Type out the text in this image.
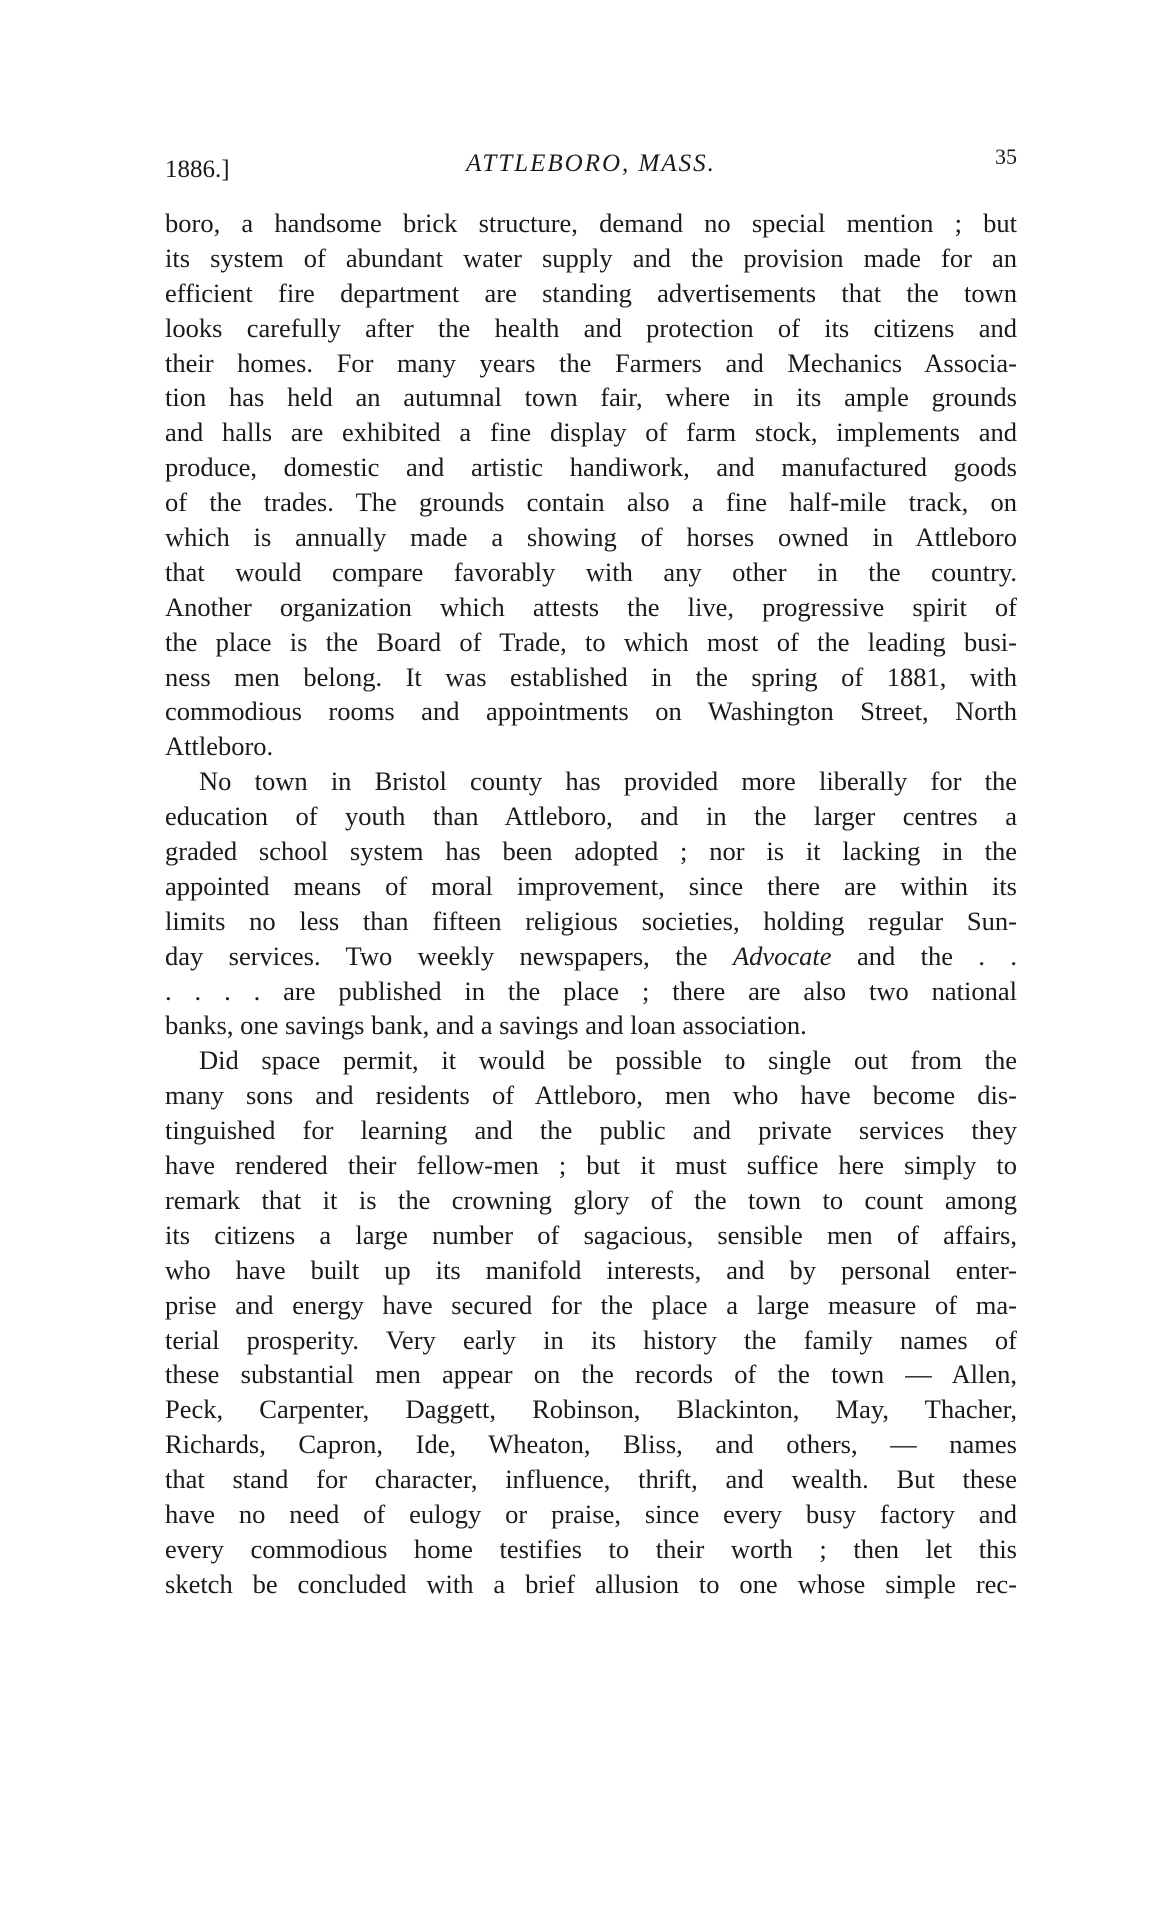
1886.]	ATTLEBORO, MASS.	35
boro, a handsome brick structure, demand no special mention ; but
its system of abundant water supply and the provision made for an
efficient fire department are standing advertisements that the town
looks carefully after the health and protection of its citizens and
their homes. For many years the Farmers and Mechanics Associa-
tion has held an autumnal town fair, where in its ample grounds
and halls are exhibited a fine display of farm stock, implements and
produce, domestic and artistic handiwork, and manufactured goods
of the trades. The grounds contain also a fine half-mile track, on
which is annually made a showing of horses owned in Attleboro
that would compare favorably with any other in the country.
Another organization which attests the live, progressive spirit of
the place is the Board of Trade, to which most of the leading busi-
ness men belong. It was established in the spring of 1881, with
commodious rooms and appointments on Washington Street, North
Attleboro.
No town in Bristol county has provided more liberally for the
education of youth than Attleboro, and in the larger centres a
graded school system has been adopted ; nor is it lacking in the
appointed means of moral improvement, since there are within its
limits no less than fifteen religious societies, holding regular Sun-
day services. Two weekly newspapers, the Advocate and the . .
. . . . are published in the place ; there are also two national
banks, one savings bank, and a savings and loan association.
Did space permit, it would be possible to single out from the
many sons and residents of Attleboro, men who have become dis-
tinguished for learning and the public and private services they
have rendered their fellow-men ; but it must suffice here simply to
remark that it is the crowning glory of the town to count among
its citizens a large number of sagacious, sensible men of affairs,
who have built up its manifold interests, and by personal enter-
prise and energy have secured for the place a large measure of ma-
terial prosperity. Very early in its history the family names of
these substantial men appear on the records of the town — Allen,
Peck, Carpenter, Daggett, Robinson, Blackinton, May, Thacher,
Richards, Capron, Ide, Wheaton, Bliss, and others, — names
that stand for character, influence, thrift, and wealth. But these
have no need of eulogy or praise, since every busy factory and
every commodious home testifies to their worth ; then let this
sketch be concluded with a brief allusion to one whose simple rec-
